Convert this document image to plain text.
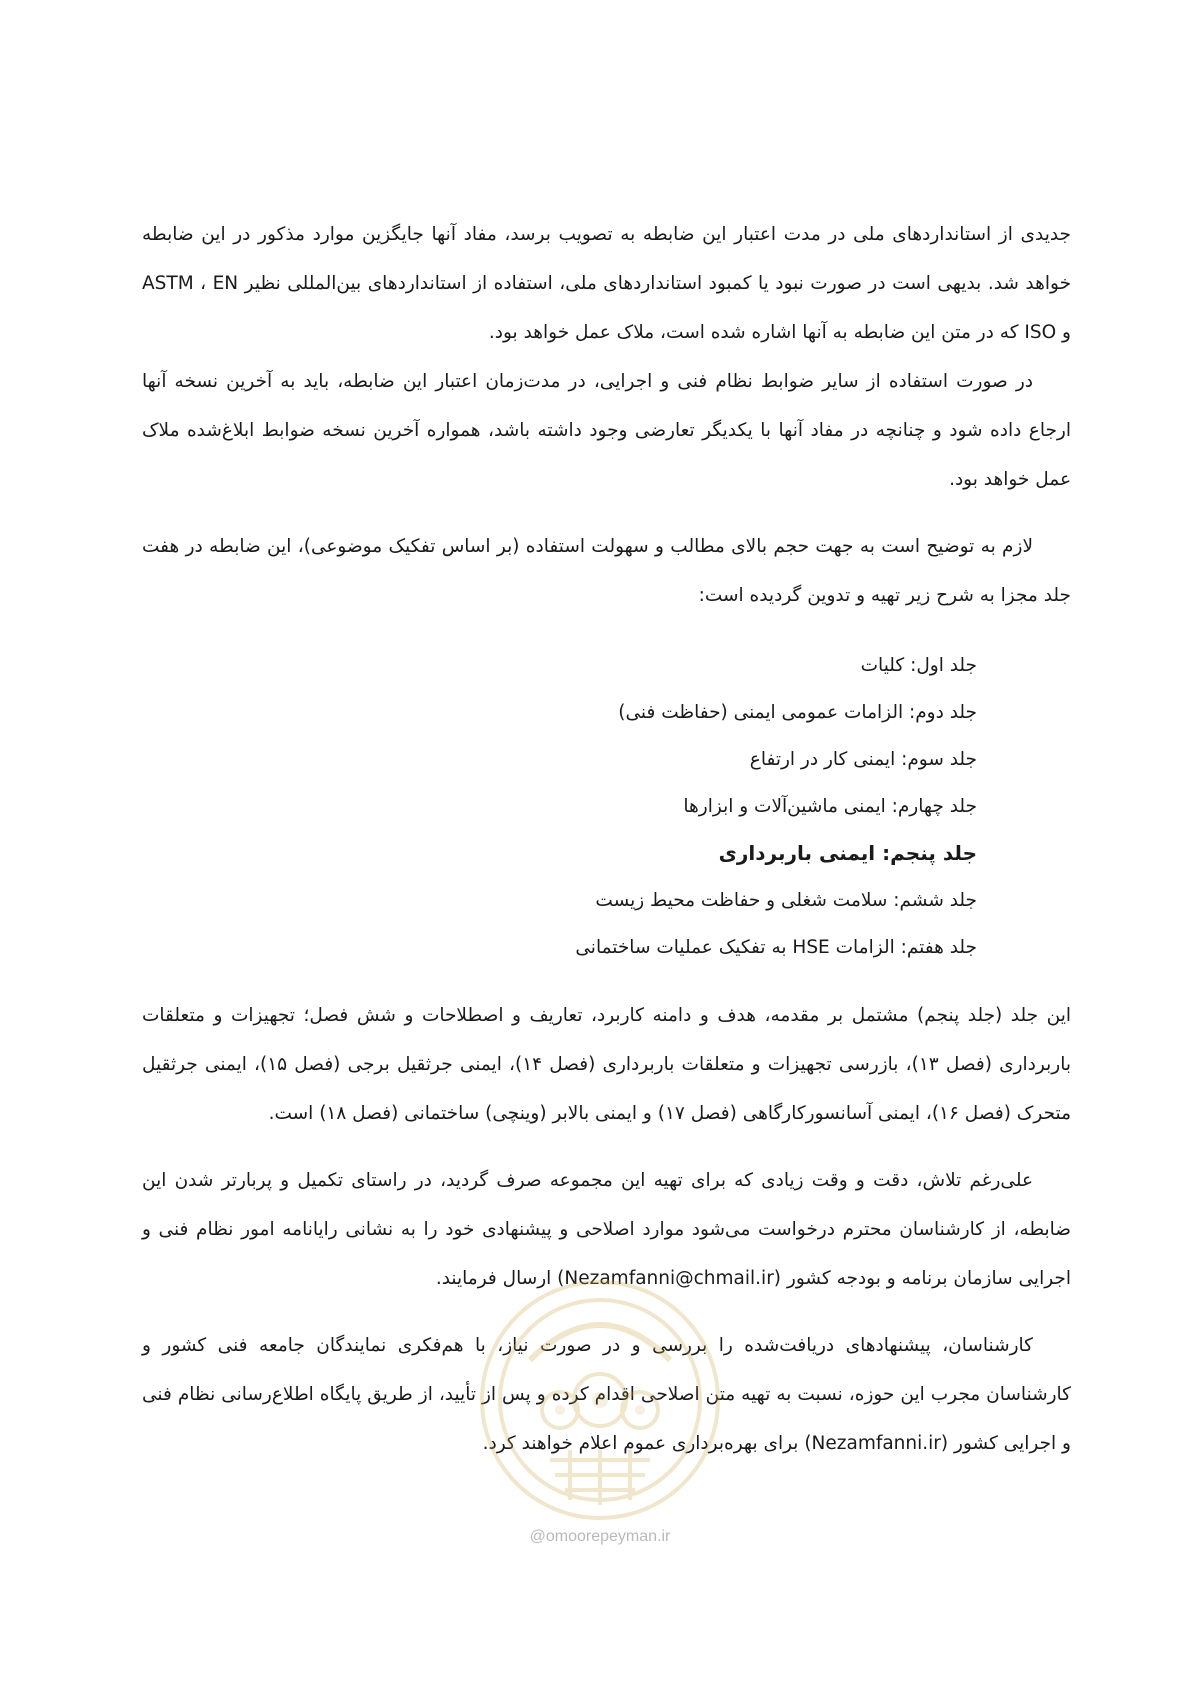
جدیدی از استانداردهای ملی در مدت اعتبار این ضابطه به تصویب برسد، مفاد آنها جایگزین موارد مذکور در این ضابطه خواهد شد. بدیهی است در صورت نبود یا کمبود استانداردهای ملی، استفاده از استانداردهای بین‌المللی نظیر ASTM ، EN و ISO که در متن این ضابطه به آنها اشاره شده است، ملاک عمل خواهد بود.

در صورت استفاده از سایر ضوابط نظام فنی و اجرایی، در مدت‌زمان اعتبار این ضابطه، باید به آخرین نسخه آنها ارجاع داده شود و چنانچه در مفاد آنها با یکدیگر تعارضی وجود داشته باشد، همواره آخرین نسخه ضوابط ابلاغ‌شده ملاک عمل خواهد بود.

لازم به توضیح است به جهت حجم بالای مطالب و سهولت استفاده (بر اساس تفکیک موضوعی)، این ضابطه در هفت جلد مجزا به شرح زیر تهیه و تدوین گردیده است:

جلد اول: کلیات
جلد دوم: الزامات عمومی ایمنی (حفاظت فنی)
جلد سوم: ایمنی کار در ارتفاع
جلد چهارم: ایمنی ماشین‌آلات و ابزارها
جلد پنجم: ایمنی باربرداری
جلد ششم: سلامت شغلی و حفاظت محیط زیست
جلد هفتم: الزامات HSE به تفکیک عملیات ساختمانی

این جلد (جلد پنجم) مشتمل بر مقدمه، هدف و دامنه کاربرد، تعاریف و اصطلاحات و شش فصل؛ تجهیزات و متعلقات باربرداری (فصل ۱۳)، بازرسی تجهیزات و متعلقات باربرداری (فصل ۱۴)، ایمنی جرثقیل برجی (فصل ۱۵)، ایمنی جرثقیل متحرک (فصل ۱۶)، ایمنی آسانسورکارگاهی (فصل ۱۷) و ایمنی بالابر (وینچی) ساختمانی (فصل ۱۸) است.

علی‌رغم تلاش، دقت و وقت زیادی که برای تهیه این مجموعه صرف گردید، در راستای تکمیل و پربارتر شدن این ضابطه، از کارشناسان محترم درخواست می‌شود موارد اصلاحی و پیشنهادی خود را به نشانی رایانامه امور نظام فنی و اجرایی سازمان برنامه و بودجه کشور (Nezamfanni@chmail.ir) ارسال فرمایند.

کارشناسان، پیشنهادهای دریافت‌شده را بررسی و در صورت نیاز، با هم‌فکری نمایندگان جامعه فنی کشور و کارشناسان مجرب این حوزه، نسبت به تهیه متن اصلاحی اقدام کرده و پس از تأیید، از طریق پایگاه اطلاع‌رسانی نظام فنی و اجرایی کشور (Nezamfanni.ir) برای بهره‌برداری عموم اعلام خواهند کرد.

@omoorepeyman.ir
